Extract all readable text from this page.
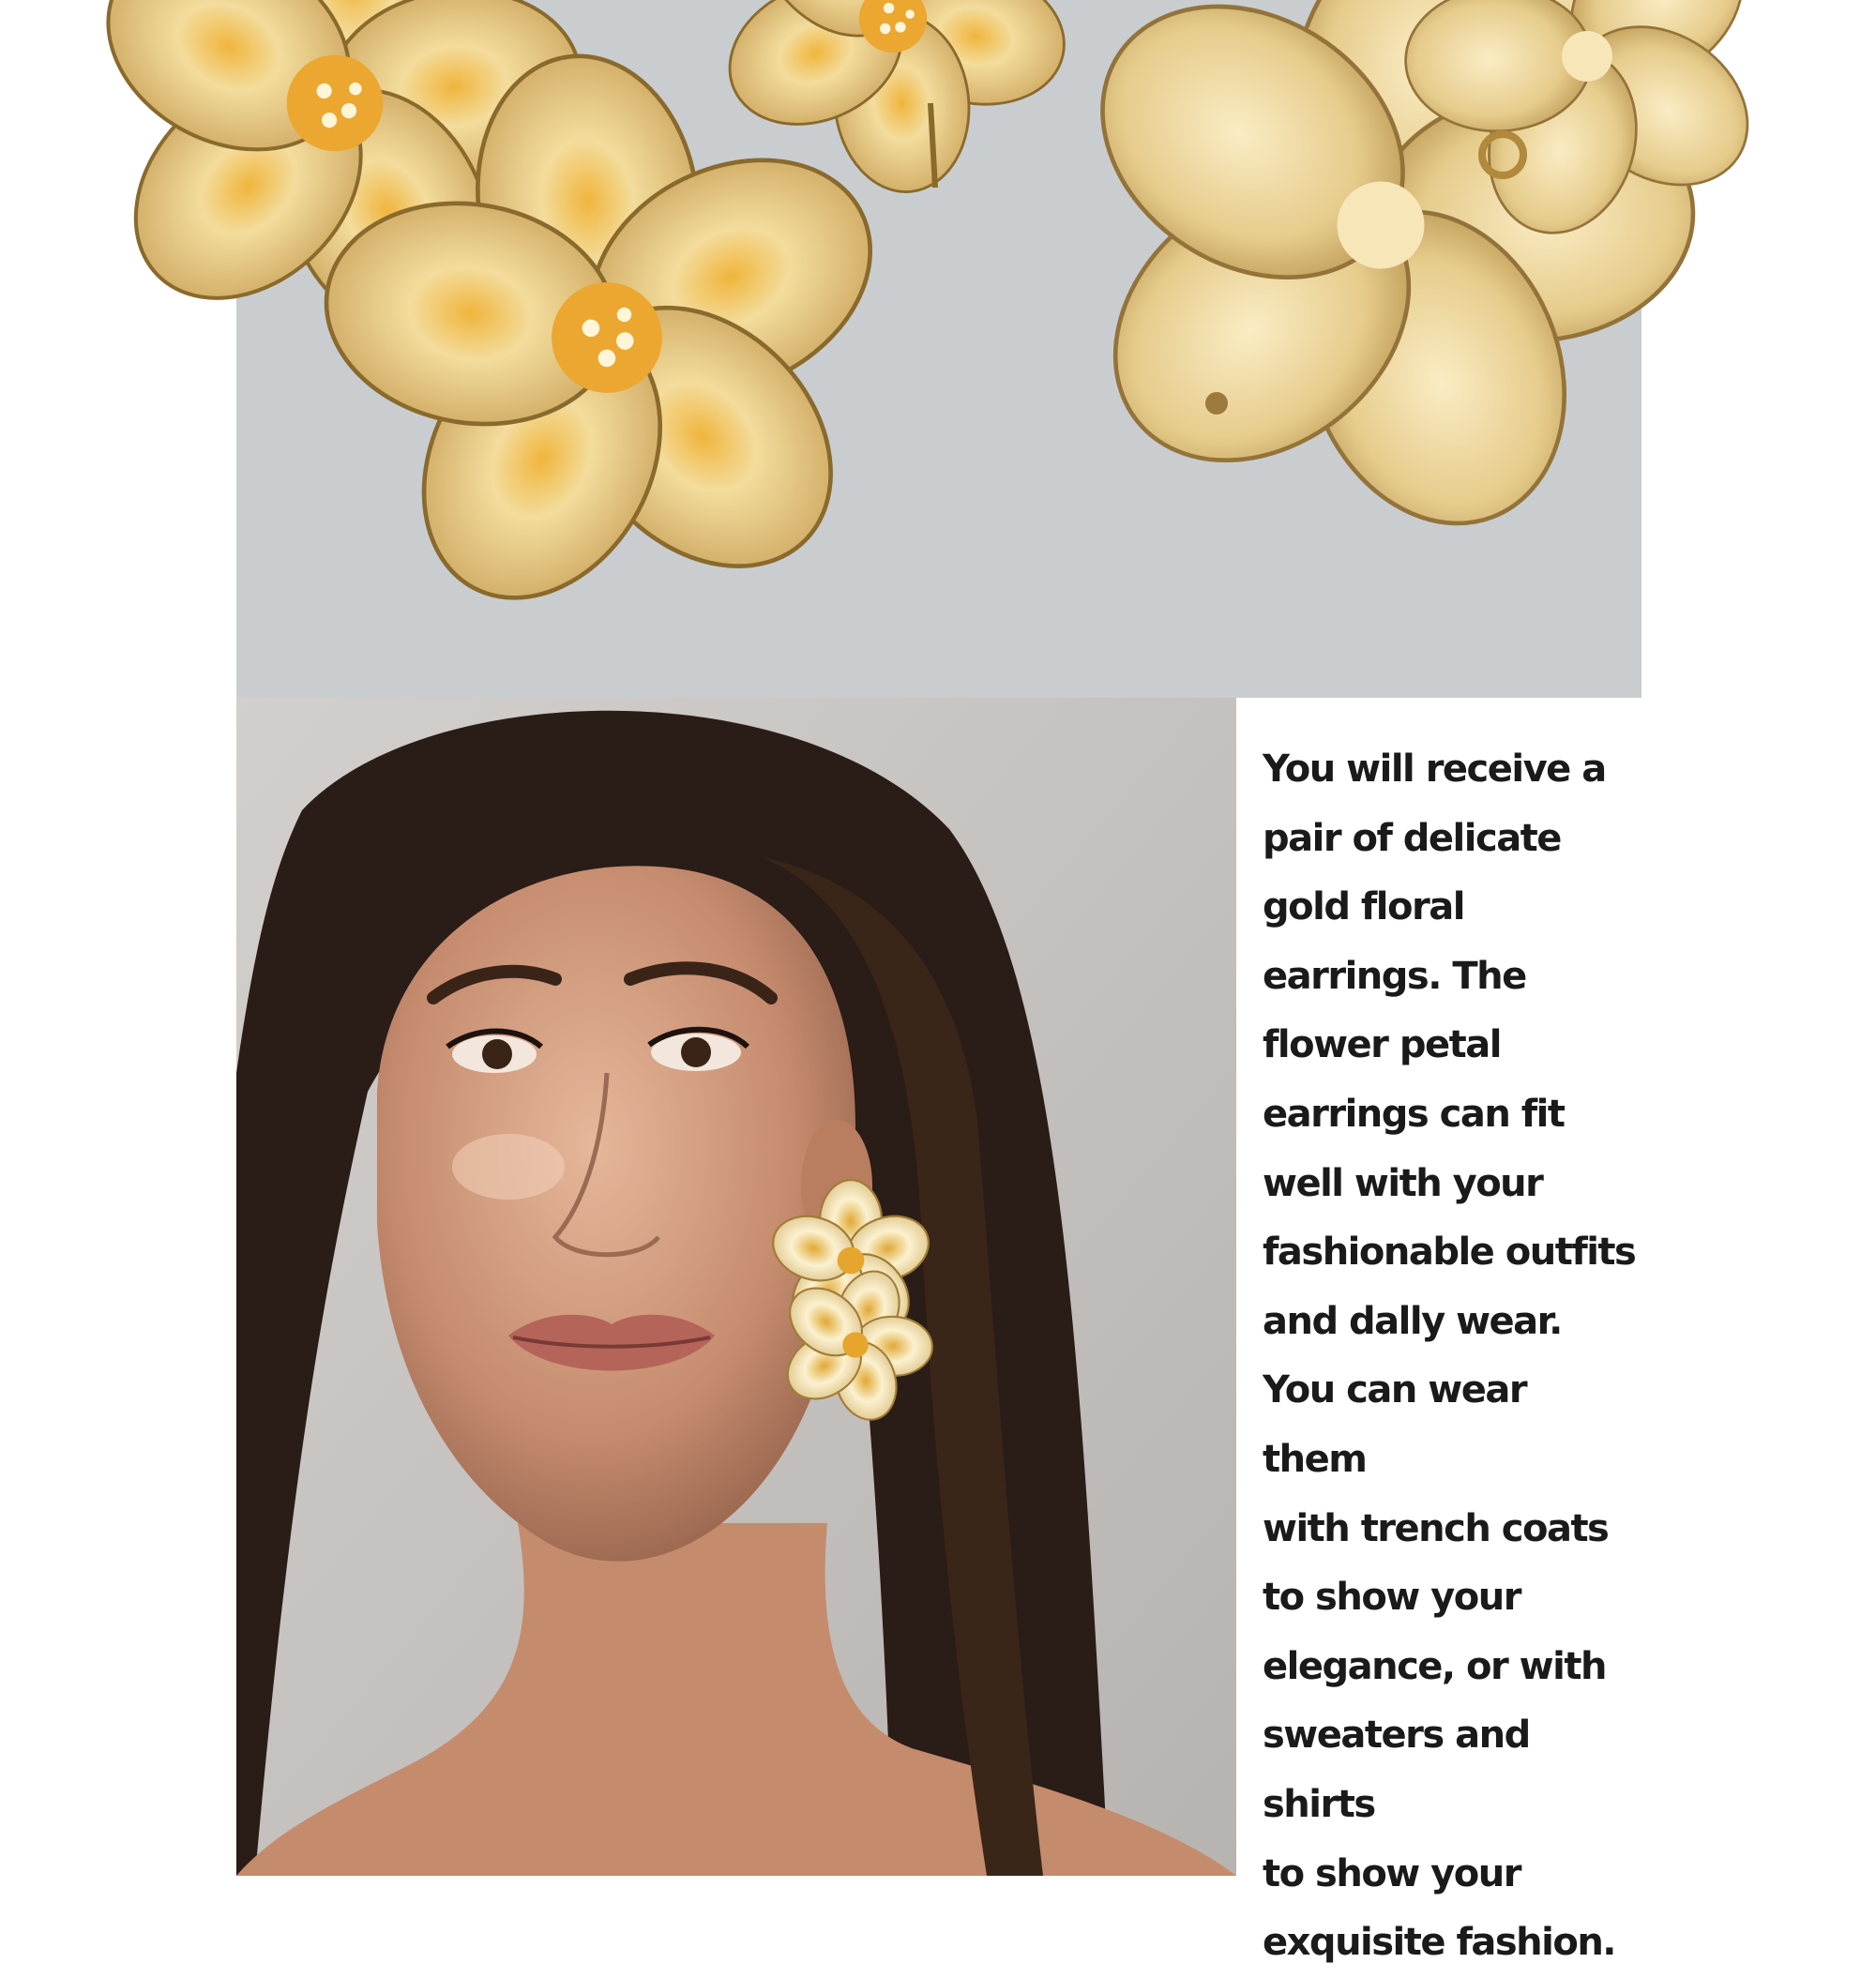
You will receive a
pair of delicate
gold floral
earrings. The
flower petal
earrings can fit
well with your
fashionable outfits
and dally wear.
You can wear them
with trench coats
to show your
elegance, or with
sweaters and shirts
to show your
exquisite fashion.
